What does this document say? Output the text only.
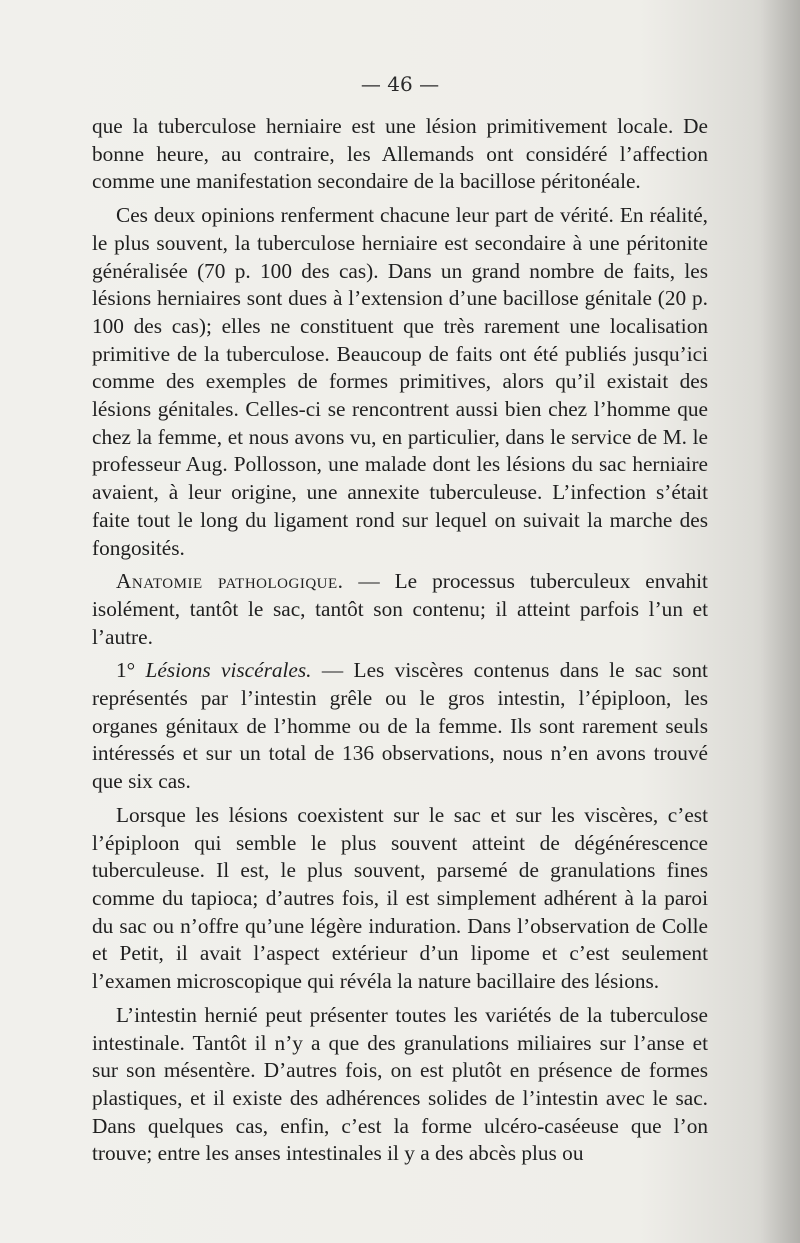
— 46 —

que la tuberculose herniaire est une lésion primitivement locale. De bonne heure, au contraire, les Allemands ont considéré l’affection comme une manifestation secondaire de la bacillose péritonéale.

Ces deux opinions renferment chacune leur part de vérité. En réalité, le plus souvent, la tuberculose herniaire est secondaire à une péritonite généralisée (70 p. 100 des cas). Dans un grand nombre de faits, les lésions herniaires sont dues à l’extension d’une bacillose génitale (20 p. 100 des cas); elles ne constituent que très rarement une localisation primitive de la tuberculose. Beaucoup de faits ont été publiés jusqu’ici comme des exemples de formes primitives, alors qu’il existait des lésions génitales. Celles-ci se rencontrent aussi bien chez l’homme que chez la femme, et nous avons vu, en particulier, dans le service de M. le professeur Aug. Pollosson, une malade dont les lésions du sac herniaire avaient, à leur origine, une annexite tuberculeuse. L’infection s’était faite tout le long du ligament rond sur lequel on suivait la marche des fongosités.

Anatomie pathologique. — Le processus tuberculeux envahit isolément, tantôt le sac, tantôt son contenu; il atteint parfois l’un et l’autre.

1° Lésions viscérales. — Les viscères contenus dans le sac sont représentés par l’intestin grêle ou le gros intestin, l’épiploon, les organes génitaux de l’homme ou de la femme. Ils sont rarement seuls intéressés et sur un total de 136 observations, nous n’en avons trouvé que six cas.

Lorsque les lésions coexistent sur le sac et sur les viscères, c’est l’épiploon qui semble le plus souvent atteint de dégénérescence tuberculeuse. Il est, le plus souvent, parsemé de granulations fines comme du tapioca; d’autres fois, il est simplement adhérent à la paroi du sac ou n’offre qu’une légère induration. Dans l’observation de Colle et Petit, il avait l’aspect extérieur d’un lipome et c’est seulement l’examen microscopique qui révéla la nature bacillaire des lésions.

L’intestin hernié peut présenter toutes les variétés de la tuberculose intestinale. Tantôt il n’y a que des granulations miliaires sur l’anse et sur son mésentère. D’autres fois, on est plutôt en présence de formes plastiques, et il existe des adhérences solides de l’intestin avec le sac. Dans quelques cas, enfin, c’est la forme ulcéro-caséeuse que l’on trouve; entre les anses intestinales il y a des abcès plus ou
